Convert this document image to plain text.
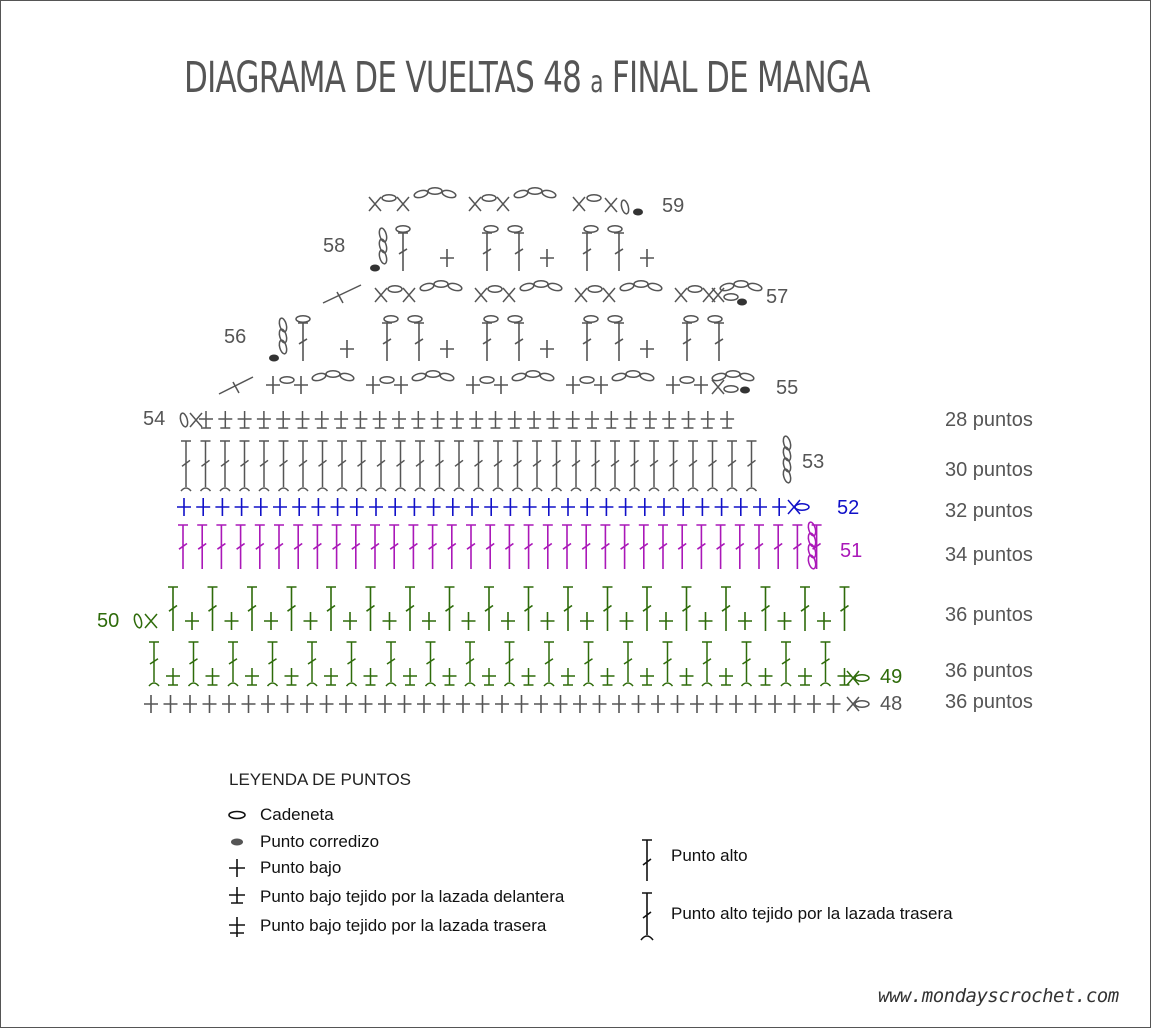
DIAGRAMA DE VUELTAS 48 a FINAL DE MANGA
48
49
50
51
52
53
54
55
56
57
58
59
28 puntos
30 puntos
32 puntos
34 puntos
36 puntos
36 puntos
36 puntos
LEYENDA DE PUNTOS
Cadeneta
Punto corredizo
Punto bajo
Punto bajo tejido por la lazada delantera
Punto bajo tejido por la lazada trasera
Punto alto
Punto alto tejido por la lazada trasera
www.mondayscrochet.com
